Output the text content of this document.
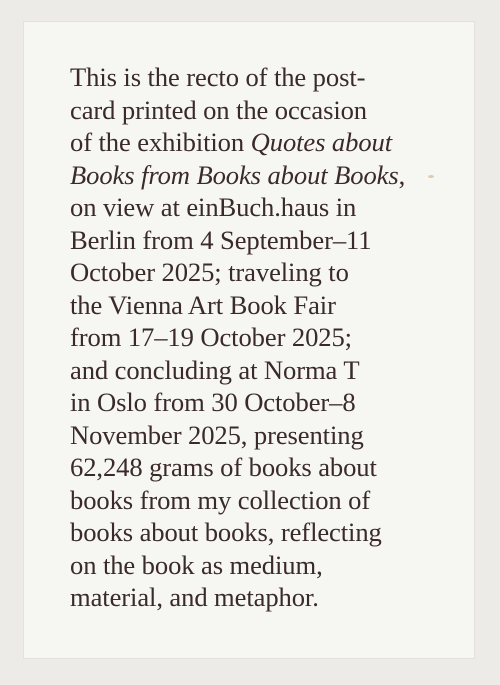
This is the recto of the post-
card printed on the occasion
of the exhibition Quotes about
Books from Books about Books,
on view at einBuch.haus in
Berlin from 4 September–11
October 2025; traveling to
the Vienna Art Book Fair
from 17–19 October 2025;
and concluding at Norma T
in Oslo from 30 October–8
November 2025, presenting
62,248 grams of books about
books from my collection of
books about books, reflecting
on the book as medium,
material, and metaphor.
